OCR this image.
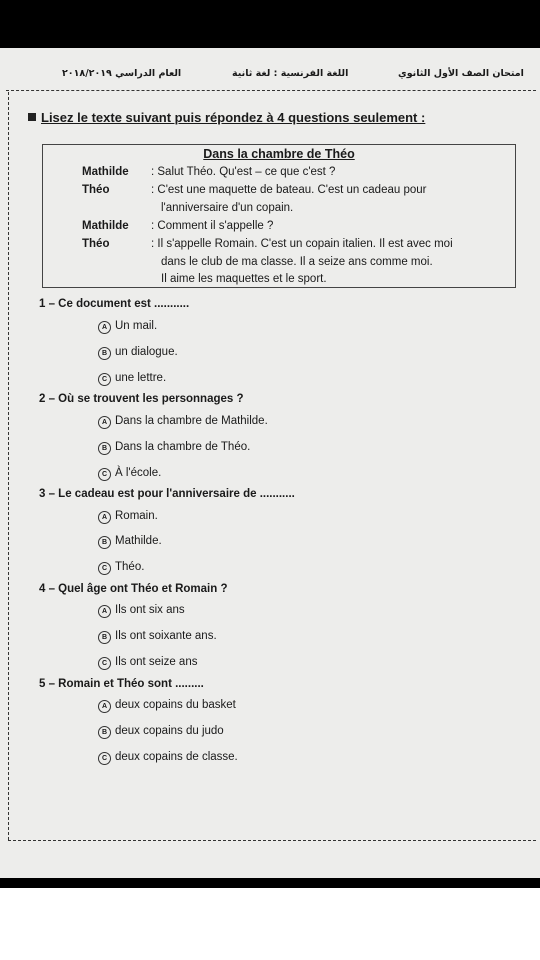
العام الدراسي ٢٠١٨/٢٠١٩	اللغة الفرنسية : لغة ثانية	امتحان الصف الأول الثانوي
Lisez le texte suivant puis répondez à 4 questions seulement :
Dans la chambre de Théo
Mathilde : Salut Théo. Qu'est – ce que c'est ?
Théo	: C'est une maquette de bateau. C'est un cadeau pour
l'anniversaire d'un copain.
Mathilde : Comment il s'appelle ?
Théo	: Il s'appelle Romain. C'est un copain italien. Il est avec moi
dans le club de ma classe. Il a seize ans comme moi.
Il aime les maquettes et le sport.
1 – Ce document est ...........
A Un mail.
B un dialogue.
C une lettre.
2 – Où se trouvent les personnages ?
A Dans la chambre de Mathilde.
B Dans la chambre de Théo.
C À l'école.
3 – Le cadeau est pour l'anniversaire de ...........
A Romain.
B Mathilde.
C Théo.
4 – Quel âge ont Théo et Romain ?
A Ils ont six ans
B Ils ont soixante ans.
C Ils ont seize ans
5 – Romain et Théo sont .........
A deux copains du basket
B deux copains du judo
C deux copains de classe.
